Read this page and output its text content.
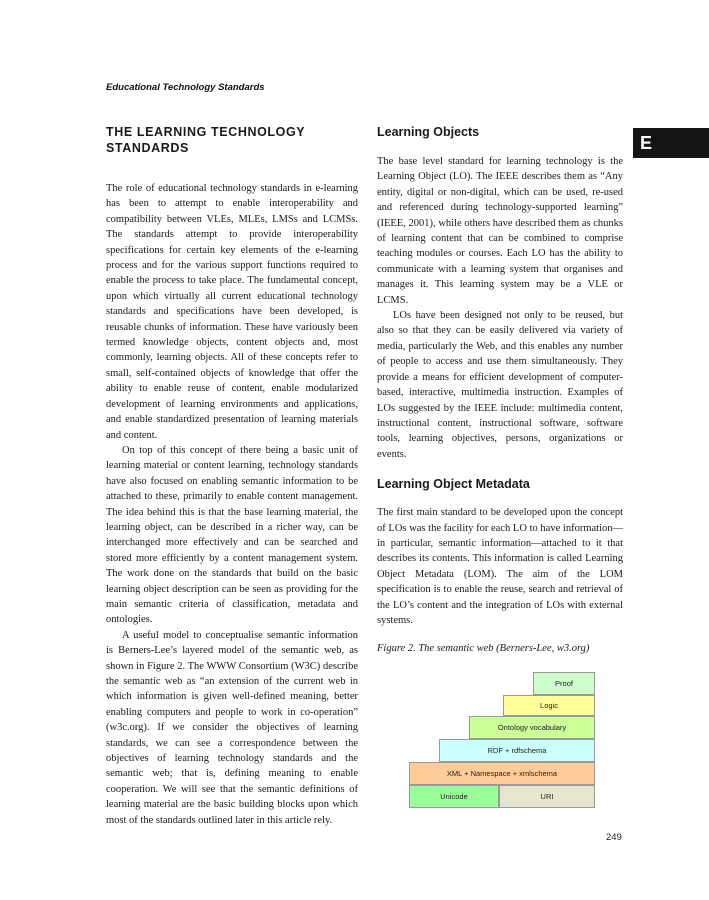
Educational Technology Standards
E
THE LEARNING TECHNOLOGY STANDARDS

The role of educational technology standards in e-learning has been to attempt to enable interoperability and compatibility between VLEs, MLEs, LMSs and LCMSs. The standards attempt to provide interoperability specifications for certain key elements of the e-learning process and for the various support functions required to enable the process to take place. The fundamental concept, upon which virtually all current educational technology standards and specifications have been developed, is reusable chunks of information. These have variously been termed knowledge objects, content objects and, most commonly, learning objects. All of these concepts refer to small, self-contained objects of knowledge that offer the ability to enable reuse of content, enable modularized development of learning environments and applications, and enable standardized presentation of learning materials and content.

On top of this concept of there being a basic unit of learning material or content learning, technology standards have also focused on enabling semantic information to be attached to these, primarily to enable content management. The idea behind this is that the base learning material, the learning object, can be described in a richer way, can be interchanged more effectively and can be searched and stored more efficiently by a content management system. The work done on the standards that build on the basic learning object description can be seen as providing for the main semantic criteria of classification, metadata and ontologies.

A useful model to conceptualise semantic information is Berners-Lee’s layered model of the semantic web, as shown in Figure 2. The WWW Consortium (W3C) describe the semantic web as “an extension of the current web in which information is given well-defined meaning, better enabling computers and people to work in co-operation” (w3c.org). If we consider the objectives of learning standards, we can see a correspondence between the objectives of learning technology standards and the semantic web; that is, defining meaning to enable cooperation. We will see that the semantic definitions of learning material are the basic building blocks upon which most of the standards outlined later in this article rely.

Learning Objects

The base level standard for learning technology is the Learning Object (LO). The IEEE describes them as “Any entity, digital or non-digital, which can be used, re-used and referenced during technology-supported learning” (IEEE, 2001), while others have described them as chunks of learning content that can be combined to comprise teaching modules or courses. Each LO has the ability to communicate with a learning system that organises and manages it. This learning system may be a VLE or LCMS.

LOs have been designed not only to be reused, but also so that they can be easily delivered via variety of media, particularly the Web, and this enables any number of people to access and use them simultaneously. They provide a means for efficient development of computer-based, interactive, multimedia instruction. Examples of LOs suggested by the IEEE include: multimedia content, instructional content, instructional software, software tools, learning objectives, persons, organizations or events.

Learning Object Metadata

The first main standard to be developed upon the concept of LOs was the facility for each LO to have information—in particular, semantic information—attached to it that describes its contents. This information is called Learning Object Metadata (LOM). The aim of the LOM specification is to enable the reuse, search and retrieval of the LO’s content and the integration of LOs with external systems.

Figure 2. The semantic web (Berners-Lee, w3.org)
Proof
Logic
Ontology vocabulary
RDF + rdfschema
XML + Namespace + xmlschema
Unicode	URI
249
